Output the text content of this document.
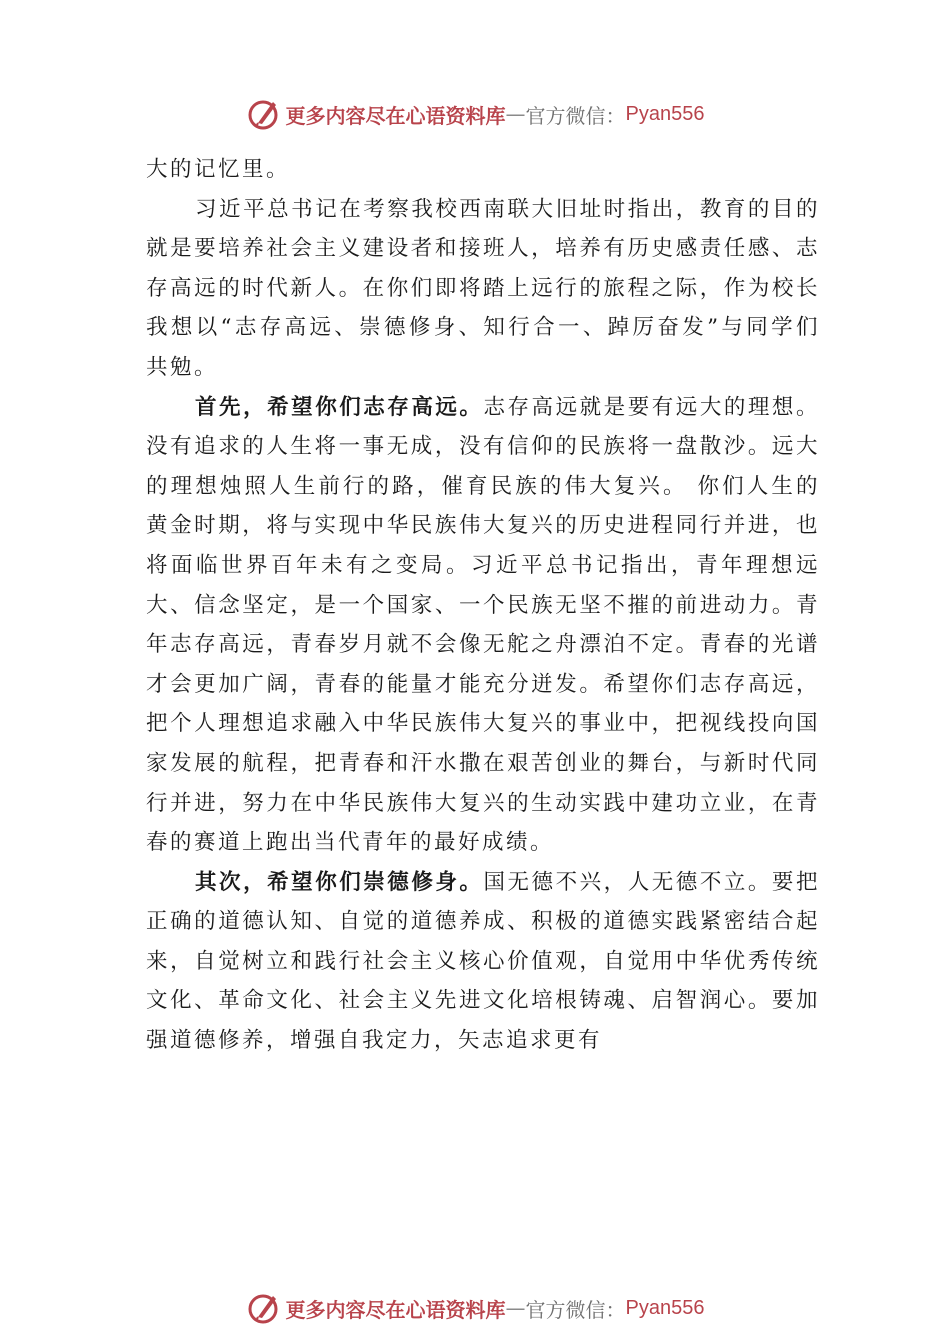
更多内容尽在心语资料库 — 官方微信： Pyan556

大的记忆里。

习近平总书记在考察我校西南联大旧址时指出，教育的目的就是要培养社会主义建设者和接班人，培养有历史感责任感、志存高远的时代新人。在你们即将踏上远行的旅程之际，作为校长我想以“志存高远、崇德修身、知行合一、踔厉奋发”与同学们共勉。

首先，希望你们志存高远。志存高远就是要有远大的理想。没有追求的人生将一事无成，没有信仰的民族将一盘散沙。远大的理想烛照人生前行的路，催育民族的伟大复兴。 你们人生的黄金时期，将与实现中华民族伟大复兴的历史进程同行并进，也将面临世界百年未有之变局。习近平总书记指出，青年理想远大、信念坚定，是一个国家、一个民族无坚不摧的前进动力。青年志存高远，青春岁月就不会像无舵之舟漂泊不定。青春的光谱才会更加广阔，青春的能量才能充分迸发。希望你们志存高远，把个人理想追求融入中华民族伟大复兴的事业中，把视线投向国家发展的航程，把青春和汗水撒在艰苦创业的舞台，与新时代同行并进，努力在中华民族伟大复兴的生动实践中建功立业，在青春的赛道上跑出当代青年的最好成绩。

其次，希望你们崇德修身。国无德不兴，人无德不立。要把正确的道德认知、自觉的道德养成、积极的道德实践紧密结合起来，自觉树立和践行社会主义核心价值观，自觉用中华优秀传统文化、革命文化、社会主义先进文化培根铸魂、启智润心。要加强道德修养，增强自我定力，矢志追求更有

更多内容尽在心语资料库 — 官方微信： Pyan556
